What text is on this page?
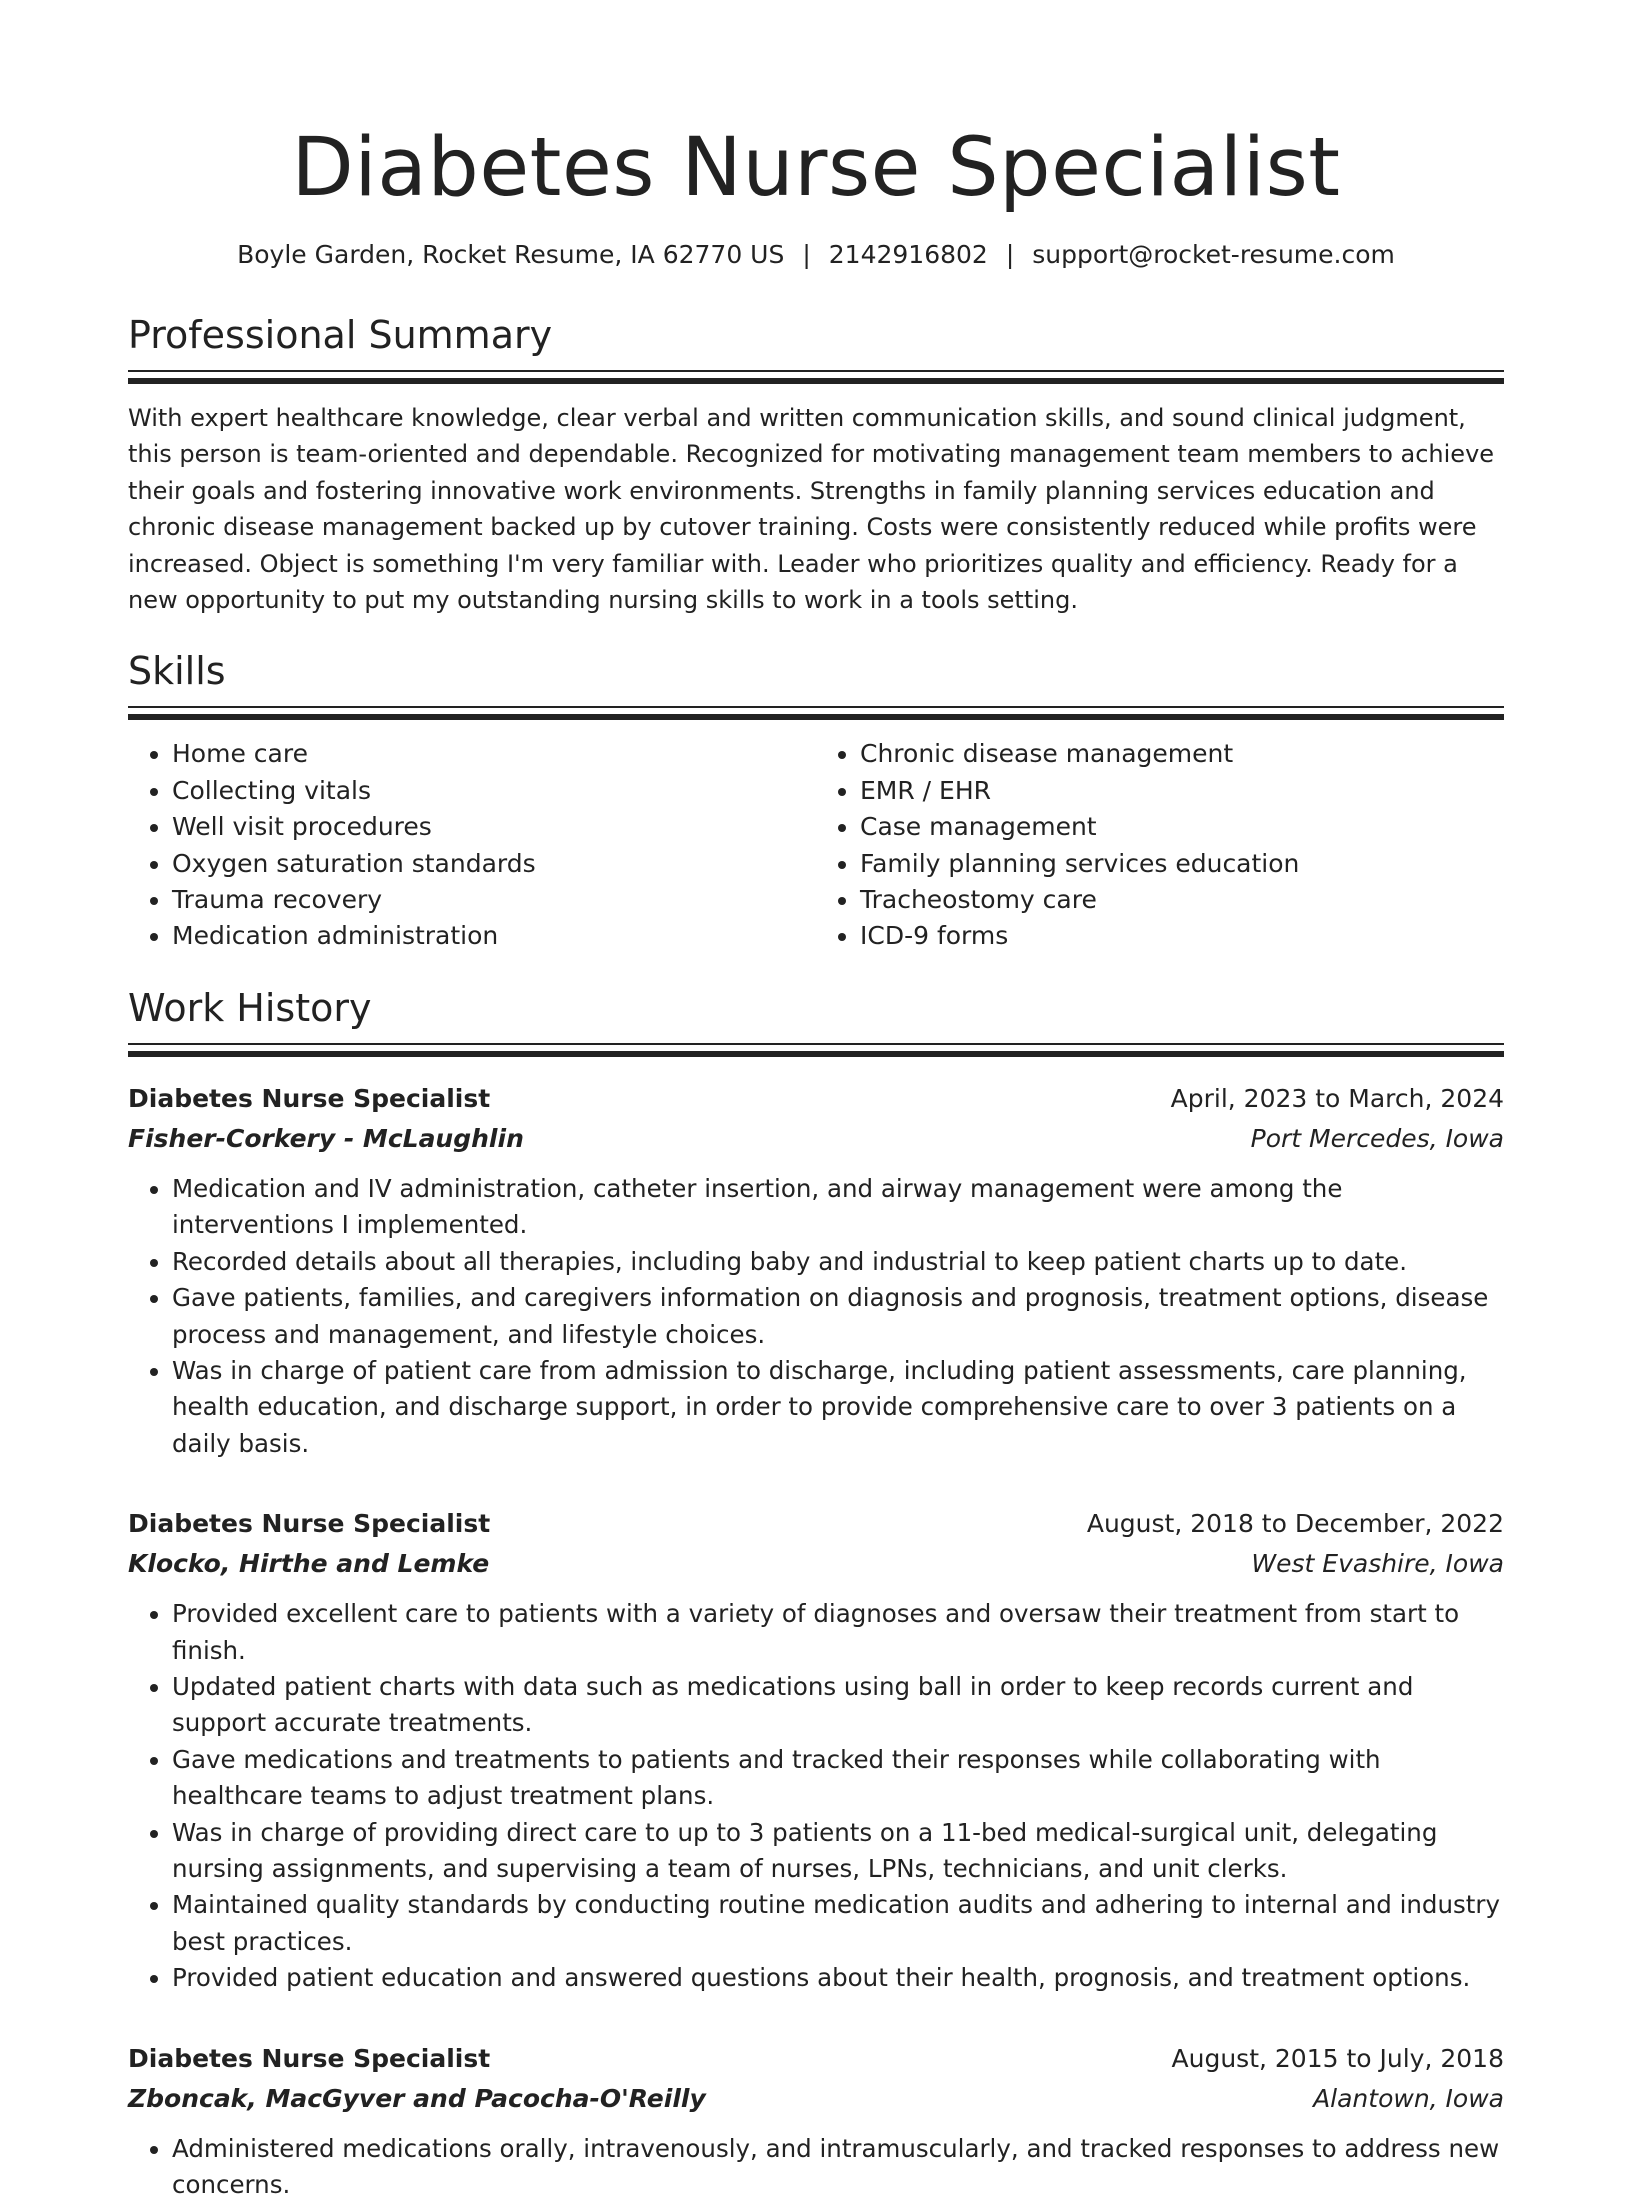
Diabetes Nurse Specialist
Boyle Garden, Rocket Resume, IA 62770 US | 2142916802 | support@rocket-resume.com
Professional Summary

With expert healthcare knowledge, clear verbal and written communication skills, and sound clinical judgment, this person is team-oriented and dependable. Recognized for motivating management team members to achieve their goals and fostering innovative work environments. Strengths in family planning services education and chronic disease management backed up by cutover training. Costs were consistently reduced while profits were increased. Object is something I'm very familiar with. Leader who prioritizes quality and efficiency. Ready for a new opportunity to put my outstanding nursing skills to work in a tools setting.

Skills
• Home care
• Collecting vitals
• Well visit procedures
• Oxygen saturation standards
• Trauma recovery
• Medication administration
• Chronic disease management
• EMR / EHR
• Case management
• Family planning services education
• Tracheostomy care
• ICD-9 forms
Work History
Diabetes Nurse Specialist	April, 2023 to March, 2024
Fisher-Corkery - McLaughlin	Port Mercedes, Iowa
• Medication and IV administration, catheter insertion, and airway management were among the interventions I implemented.
• Recorded details about all therapies, including baby and industrial to keep patient charts up to date.
• Gave patients, families, and caregivers information on diagnosis and prognosis, treatment options, disease process and management, and lifestyle choices.
• Was in charge of patient care from admission to discharge, including patient assessments, care planning, health education, and discharge support, in order to provide comprehensive care to over 3 patients on a daily basis.
Diabetes Nurse Specialist	August, 2018 to December, 2022
Klocko, Hirthe and Lemke	West Evashire, Iowa
• Provided excellent care to patients with a variety of diagnoses and oversaw their treatment from start to finish.
• Updated patient charts with data such as medications using ball in order to keep records current and support accurate treatments.
• Gave medications and treatments to patients and tracked their responses while collaborating with healthcare teams to adjust treatment plans.
• Was in charge of providing direct care to up to 3 patients on a 11-bed medical-surgical unit, delegating nursing assignments, and supervising a team of nurses, LPNs, technicians, and unit clerks.
• Maintained quality standards by conducting routine medication audits and adhering to internal and industry best practices.
• Provided patient education and answered questions about their health, prognosis, and treatment options.
Diabetes Nurse Specialist	August, 2015 to July, 2018
Zboncak, MacGyver and Pacocha-O'Reilly	Alantown, Iowa
• Administered medications orally, intravenously, and intramuscularly, and tracked responses to address new concerns.
